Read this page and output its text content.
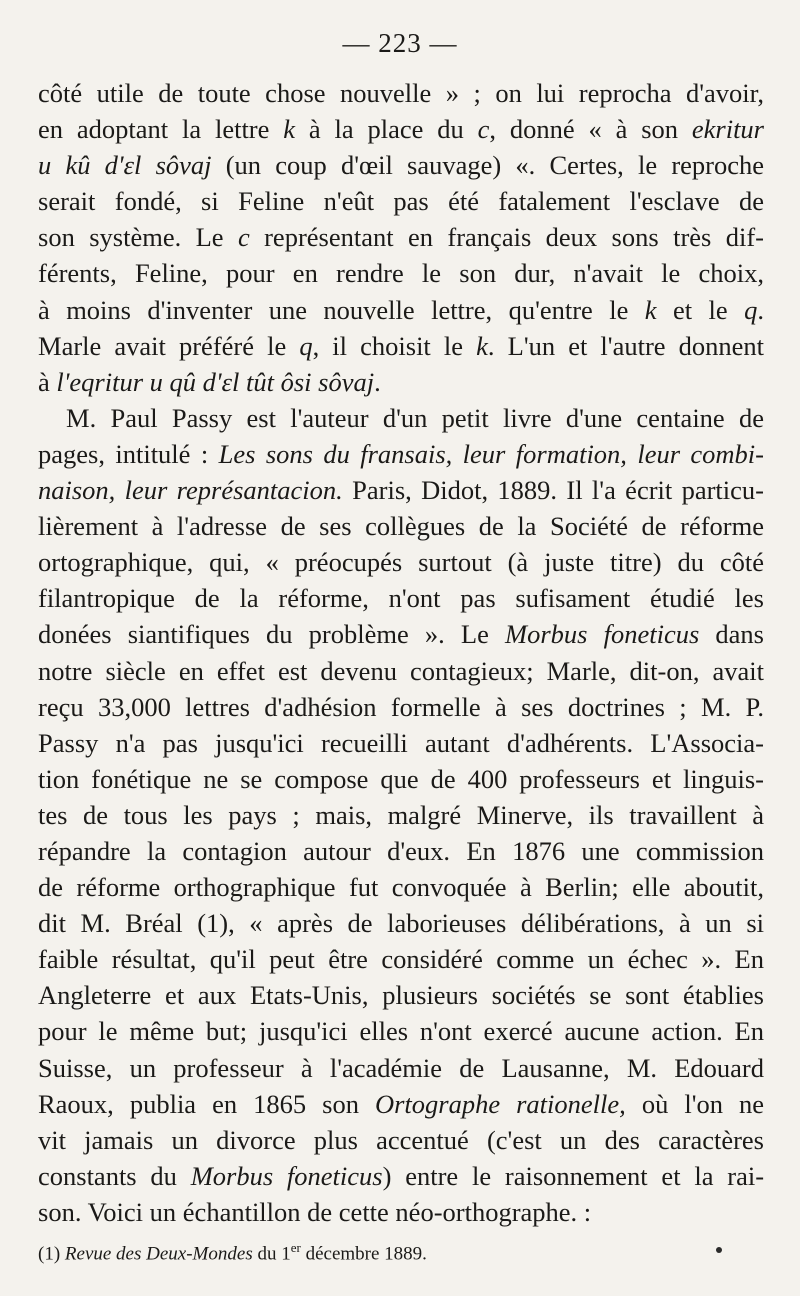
— 223 —
côté utile de toute chose nouvelle » ; on lui reprocha d'avoir,
en adoptant la lettre k à la place du c, donné « à son ekritur
u kû d'ɛl sôvaj (un coup d'œil sauvage) «. Certes, le reproche
serait fondé, si Feline n'eût pas été fatalement l'esclave de
son système. Le c représentant en français deux sons très dif-
férents, Feline, pour en rendre le son dur, n'avait le choix,
à moins d'inventer une nouvelle lettre, qu'entre le k et le q.
Marle avait préféré le q, il choisit le k. L'un et l'autre donnent
à l'eqritur u qû d'ɛl tût ôsi sôvaj.
M. Paul Passy est l'auteur d'un petit livre d'une centaine de
pages, intitulé : Les sons du fransais, leur formation, leur combi-
naison, leur représantacion. Paris, Didot, 1889. Il l'a écrit particu-
lièrement à l'adresse de ses collègues de la Société de réforme
ortographique, qui, « préocupés surtout (à juste titre) du côté
filantropique de la réforme, n'ont pas sufisament étudié les
donées siantifiques du problème ». Le Morbus foneticus dans
notre siècle en effet est devenu contagieux; Marle, dit-on, avait
reçu 33,000 lettres d'adhésion formelle à ses doctrines ; M. P.
Passy n'a pas jusqu'ici recueilli autant d'adhérents. L'Associa-
tion fonétique ne se compose que de 400 professeurs et linguis-
tes de tous les pays ; mais, malgré Minerve, ils travaillent à
répandre la contagion autour d'eux. En 1876 une commission
de réforme orthographique fut convoquée à Berlin; elle aboutit,
dit M. Bréal (1), « après de laborieuses délibérations, à un si
faible résultat, qu'il peut être considéré comme un échec ». En
Angleterre et aux Etats-Unis, plusieurs sociétés se sont établies
pour le même but; jusqu'ici elles n'ont exercé aucune action. En
Suisse, un professeur à l'académie de Lausanne, M. Edouard
Raoux, publia en 1865 son Ortographe rationelle, où l'on ne
vit jamais un divorce plus accentué (c'est un des caractères
constants du Morbus foneticus) entre le raisonnement et la rai-
son. Voici un échantillon de cette néo-orthographe. :
(1) Revue des Deux-Mondes du 1er décembre 1889.
